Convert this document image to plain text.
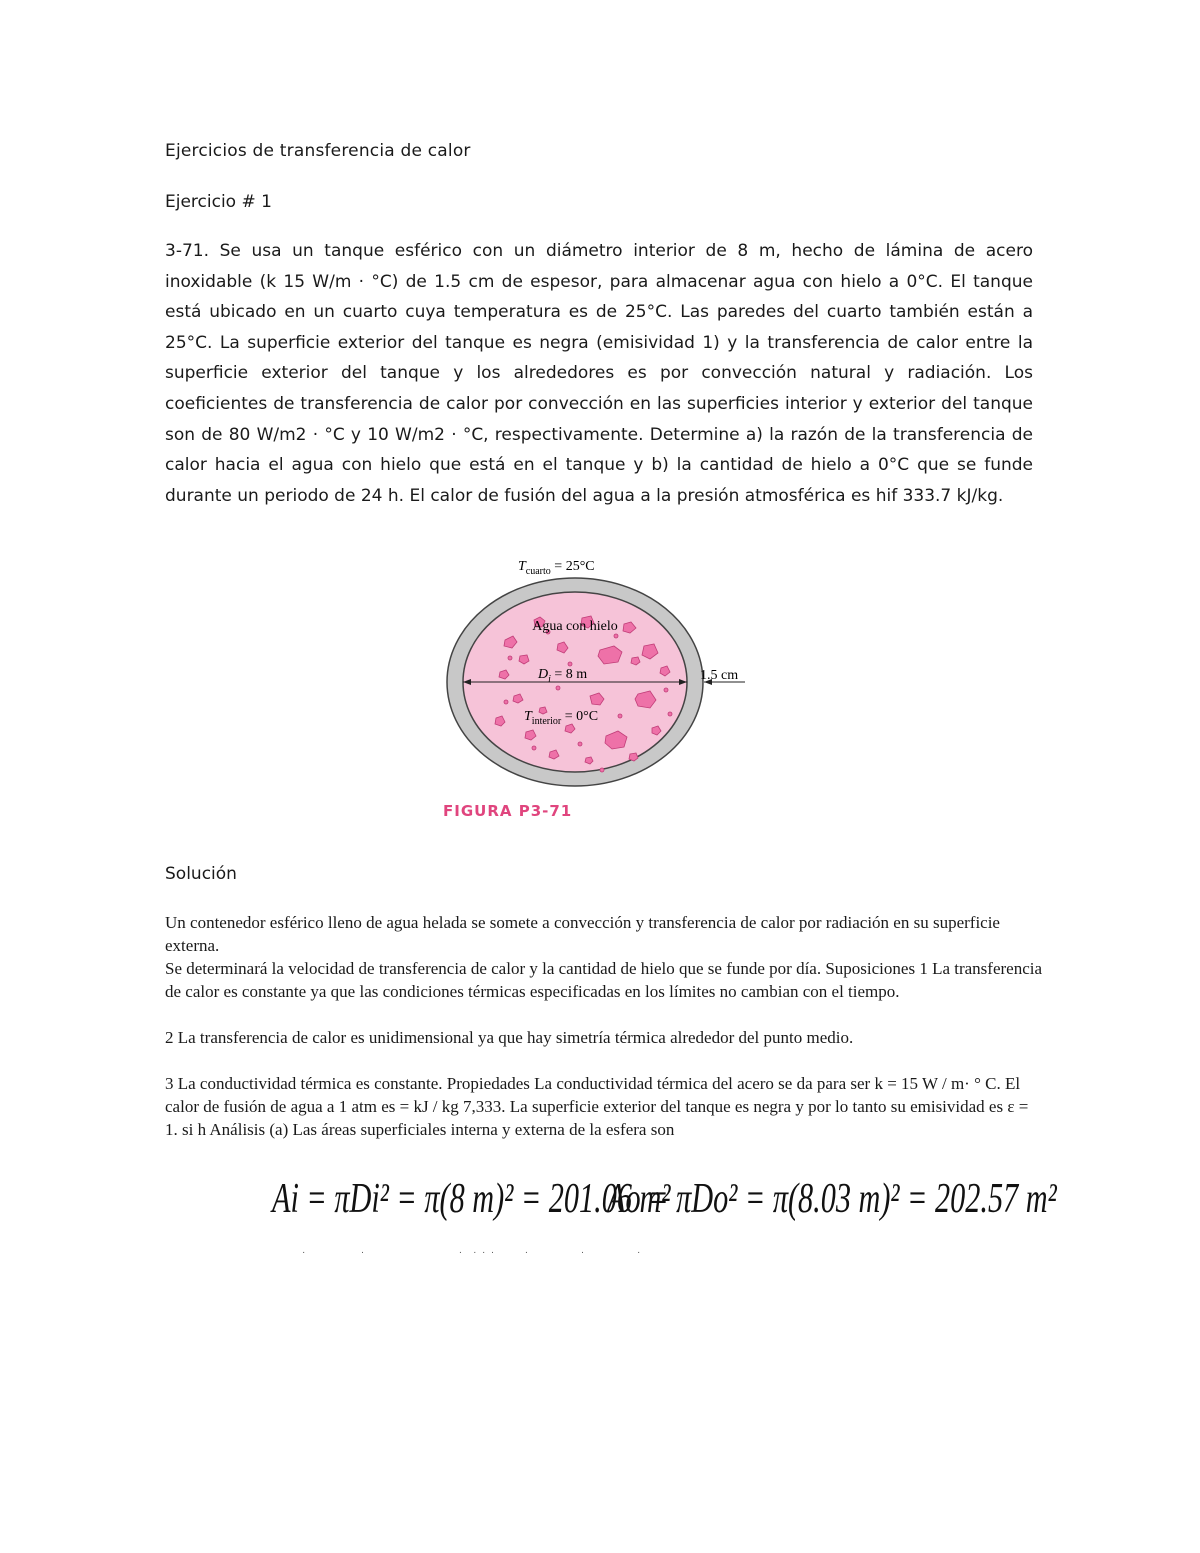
Ejercicios de transferencia de calor

Ejercicio # 1

3-71. Se usa un tanque esférico con un diámetro interior de 8 m, hecho de lámina de acero inoxidable (k 15 W/m · °C) de 1.5 cm de espesor, para almacenar agua con hielo a 0°C. El tanque está ubicado en un cuarto cuya temperatura es de 25°C. Las paredes del cuarto también están a 25°C. La superficie exterior del tanque es negra (emisividad 1) y la transferencia de calor entre la superficie exterior del tanque y los alrededores es por convección natural y radiación. Los coeficientes de transferencia de calor por convección en las superficies interior y exterior del tanque son de 80 W/m2 · °C y 10 W/m2 · °C, respectivamente. Determine a) la razón de la transferencia de calor hacia el agua con hielo que está en el tanque y b) la cantidad de hielo a 0°C que se funde durante un periodo de 24 h. El calor de fusión del agua a la presión atmosférica es hif 333.7 kJ/kg.

$T_{cuarto} = 25^\circ C$
Agua con hielo
$D_i = 8$ m	1.5 cm
$T_{interior} = 0^\circ C$
FIGURA P3-71

Solución

Un contenedor esférico lleno de agua helada se somete a convección y transferencia de calor por radiación en su superficie externa.

Se determinará la velocidad de transferencia de calor y la cantidad de hielo que se funde por día. Suposiciones 1 La transferencia de calor es constante ya que las condiciones térmicas especificadas en los límites no cambian con el tiempo.

2 La transferencia de calor es unidimensional ya que hay simetría térmica alrededor del punto medio.

3 La conductividad térmica es constante. Propiedades La conductividad térmica del acero se da para ser k = 15 W / m· ° C. El calor de fusión de agua a 1 atm es = kJ / kg 7,333. La superficie exterior del tanque es negra y por lo tanto su emisividad es ε = 1. si h Análisis (a) Las áreas superficiales interna y externa de la esfera son

Ai = πDi² = π(8 m)² = 201.06 m²
Ao = πDo² = π(8.03 m)² = 202.57 m²
·                    ·                                  ·    ·  ·  ·           ·                   ·                   ·
